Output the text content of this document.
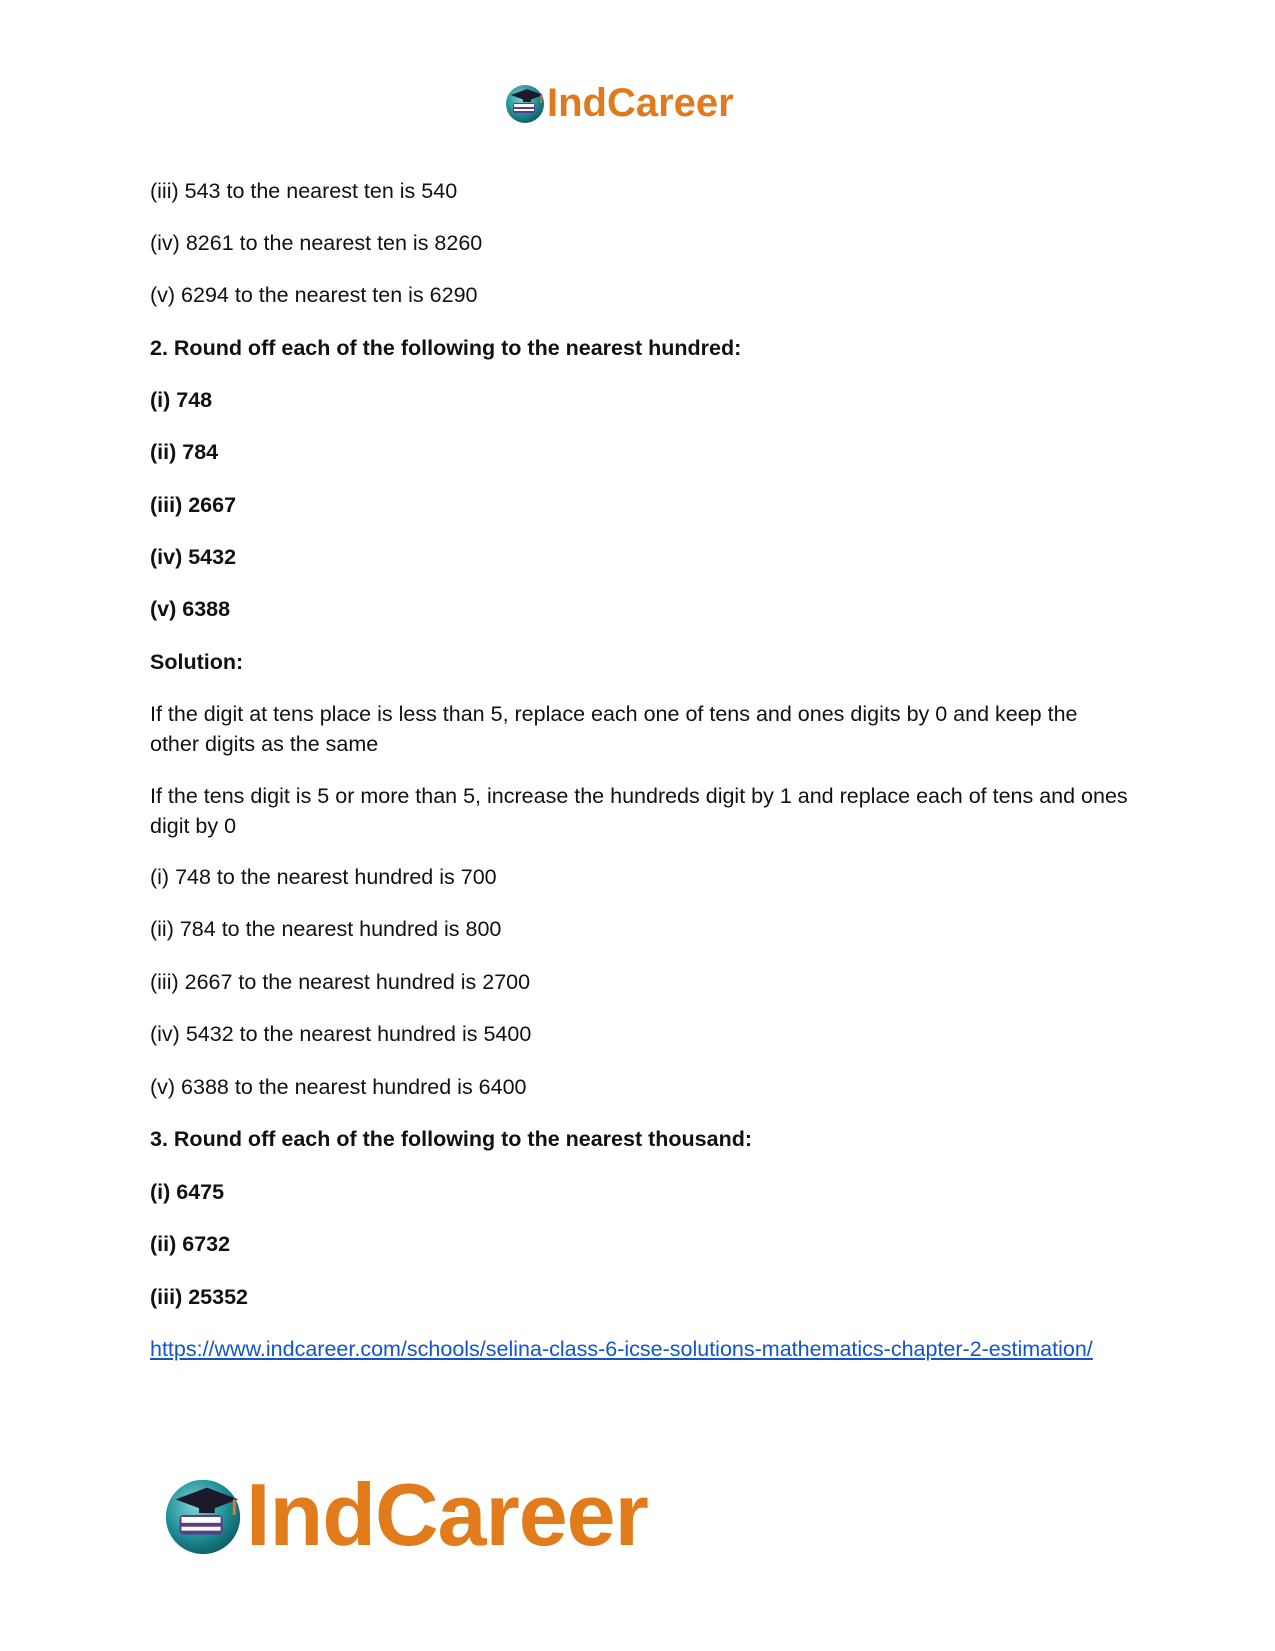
IndCareer

(iii) 543 to the nearest ten is 540

(iv) 8261 to the nearest ten is 8260

(v) 6294 to the nearest ten is 6290

2. Round off each of the following to the nearest hundred:

(i) 748

(ii) 784

(iii) 2667

(iv) 5432

(v) 6388

Solution:

If the digit at tens place is less than 5, replace each one of tens and ones digits by 0 and keep the other digits as the same

If the tens digit is 5 or more than 5, increase the hundreds digit by 1 and replace each of tens and ones digit by 0

(i) 748 to the nearest hundred is 700

(ii) 784 to the nearest hundred is 800

(iii) 2667 to the nearest hundred is 2700

(iv) 5432 to the nearest hundred is 5400

(v) 6388 to the nearest hundred is 6400

3. Round off each of the following to the nearest thousand:

(i) 6475

(ii) 6732

(iii) 25352

https://www.indcareer.com/schools/selina-class-6-icse-solutions-mathematics-chapter-2-estimation/
IndCareer
